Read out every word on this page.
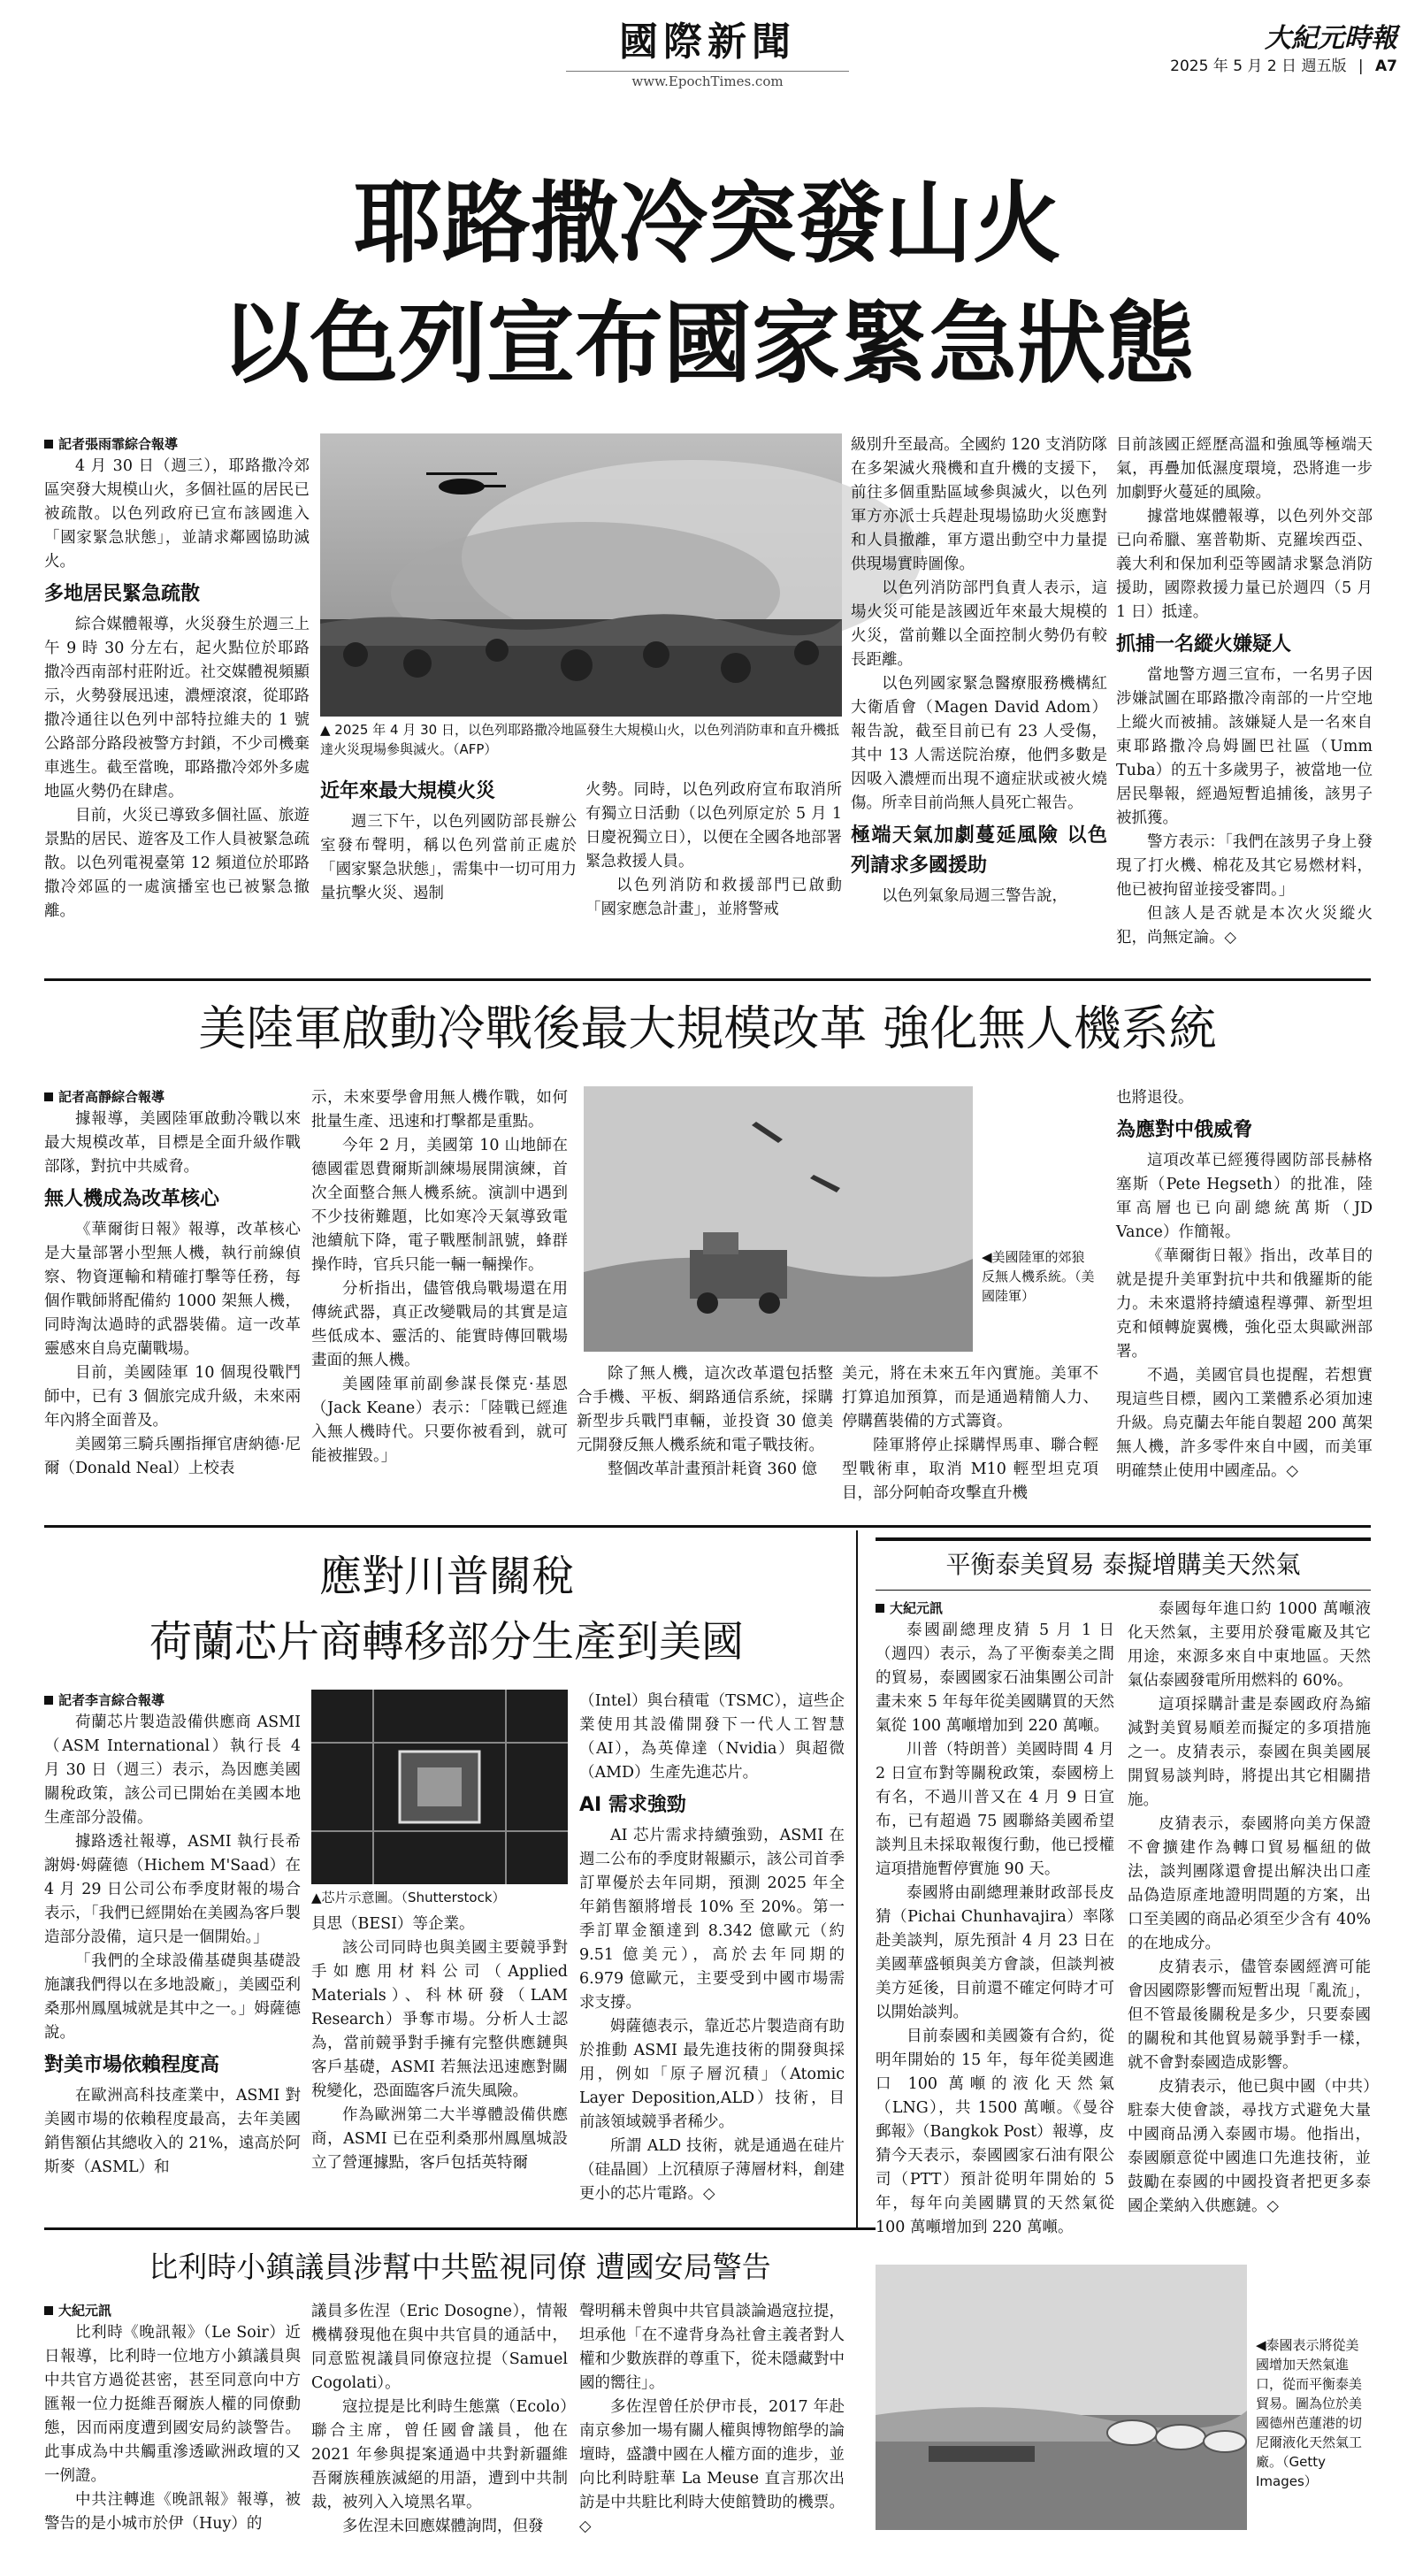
國際新聞
www.EpochTimes.com
大紀元時報
2025 年 5 月 2 日 週五版 | A7
耶路撒冷突發山火
以色列宣布國家緊急狀態
記者張雨霏綜合報導

4 月 30 日（週三），耶路撒冷郊區突發大規模山火，多個社區的居民已被疏散。以色列政府已宣布該國進入「國家緊急狀態」，並請求鄰國協助滅火。

多地居民緊急疏散

綜合媒體報導，火災發生於週三上午 9 時 30 分左右，起火點位於耶路撒冷西南部村莊附近。社交媒體視頻顯示，火勢發展迅速，濃煙滾滾，從耶路撒冷通往以色列中部特拉維夫的 1 號公路部分路段被警方封鎖，不少司機棄車逃生。截至當晚，耶路撒冷郊外多處地區火勢仍在肆虐。

目前，火災已導致多個社區、旅遊景點的居民、遊客及工作人員被緊急疏散。以色列電視臺第 12 頻道位於耶路撒冷郊區的一處演播室也已被緊急撤離。

▲ 2025 年 4 月 30 日，以色列耶路撒冷地區發生大規模山火，以色列消防車和直升機抵達火災現場參與滅火。（AFP）
近年來最大規模火災

週三下午，以色列國防部長辦公室發布聲明，稱以色列當前正處於「國家緊急狀態」，需集中一切可用力量抗擊火災、遏制

火勢。同時，以色列政府宣布取消所有獨立日活動（以色列原定於 5 月 1 日慶祝獨立日），以便在全國各地部署緊急救援人員。

以色列消防和救援部門已啟動「國家應急計畫」，並將警戒

級別升至最高。全國約 120 支消防隊在多架滅火飛機和直升機的支援下，前往多個重點區域參與滅火，以色列軍方亦派士兵趕赴現場協助火災應對和人員撤離，軍方還出動空中力量提供現場實時圖像。

以色列消防部門負責人表示，這場火災可能是該國近年來最大規模的火災，當前難以全面控制火勢仍有較長距離。

以色列國家緊急醫療服務機構紅大衛盾會（Magen David Adom）報告說，截至目前已有 23 人受傷，其中 13 人需送院治療，他們多數是因吸入濃煙而出現不適症狀或被火燒傷。所幸目前尚無人員死亡報告。

極端天氣加劇蔓延風險 以色列請求多國援助

以色列氣象局週三警告說，

目前該國正經歷高溫和強風等極端天氣，再疊加低濕度環境，恐將進一步加劇野火蔓延的風險。

據當地媒體報導，以色列外交部已向希臘、塞普勒斯、克羅埃西亞、義大利和保加利亞等國請求緊急消防援助，國際救援力量已於週四（5 月 1 日）抵達。

抓捕一名縱火嫌疑人

當地警方週三宣布，一名男子因涉嫌試圖在耶路撒冷南部的一片空地上縱火而被捕。該嫌疑人是一名來自東耶路撒冷烏姆圖巴社區（Umm Tuba）的五十多歲男子，被當地一位居民舉報，經過短暫追捕後，該男子被抓獲。

警方表示：「我們在該男子身上發現了打火機、棉花及其它易燃材料，他已被拘留並接受審問。」

但該人是否就是本次火災縱火犯，尚無定論。◇

美陸軍啟動冷戰後最大規模改革 強化無人機系統
記者高靜綜合報導

據報導，美國陸軍啟動冷戰以來最大規模改革，目標是全面升級作戰部隊，對抗中共威脅。

無人機成為改革核心

《華爾街日報》報導，改革核心是大量部署小型無人機，執行前線偵察、物資運輸和精確打擊等任務，每個作戰師將配備約 1000 架無人機，同時淘汰過時的武器裝備。這一改革靈感來自烏克蘭戰場。

目前，美國陸軍 10 個現役戰鬥師中，已有 3 個旅完成升級，未來兩年內將全面普及。

美國第三騎兵團指揮官唐納德·尼爾（Donald Neal）上校表

示，未來要學會用無人機作戰，如何批量生產、迅速和打擊都是重點。

今年 2 月，美國第 10 山地師在德國霍恩費爾斯訓練場展開演練，首次全面整合無人機系統。演訓中遇到不少技術難題，比如寒冷天氣導致電池續航下降，電子戰壓制訊號，蜂群操作時，官兵只能一輛一輛操作。

分析指出，儘管俄烏戰場還在用傳統武器，真正改變戰局的其實是這些低成本、靈活的、能實時傳回戰場畫面的無人機。

美國陸軍前副參謀長傑克·基恩（Jack Keane）表示：「陸戰已經進入無人機時代。只要你被看到，就可能被摧毀。」

◀美國陸軍的郊狼反無人機系統。（美國陸軍）

除了無人機，這次改革還包括整合手機、平板、網路通信系統，採購新型步兵戰鬥車輛，並投資 30 億美元開發反無人機系統和電子戰技術。

整個改革計畫預計耗資 360 億

美元，將在未來五年內實施。美軍不打算追加預算，而是通過精簡人力、停購舊裝備的方式籌資。

陸軍將停止採購悍馬車、聯合輕型戰術車，取消 M10 輕型坦克項目，部分阿帕奇攻擊直升機

也將退役。

為應對中俄威脅

這項改革已經獲得國防部長赫格塞斯（Pete Hegseth）的批准，陸軍高層也已向副總統萬斯（JD Vance）作簡報。

《華爾街日報》指出，改革目的就是提升美軍對抗中共和俄羅斯的能力。未來還將持續遠程導彈、新型坦克和傾轉旋翼機，強化亞太與歐洲部署。

不過，美國官員也提醒，若想實現這些目標，國內工業體系必須加速升級。烏克蘭去年能自製超 200 萬架無人機，許多零件來自中國，而美軍明確禁止使用中國產品。◇

應對川普關稅
荷蘭芯片商轉移部分生產到美國
記者李言綜合報導

荷蘭芯片製造設備供應商 ASMI（ASM International）執行長 4 月 30 日（週三）表示，為因應美國關稅政策，該公司已開始在美國本地生產部分設備。

據路透社報導，ASMI 執行長希謝姆·姆薩德（Hichem M'Saad）在 4 月 29 日公司公布季度財報的場合表示，「我們已經開始在美國為客戶製造部分設備，這只是一個開始。」

「我們的全球設備基礎與基礎設施讓我們得以在多地設廠」，美國亞利桑那州鳳凰城就是其中之一。」姆薩德說。

對美市場依賴程度高

在歐洲高科技產業中，ASMI 對美國市場的依賴程度最高，去年美國銷售額佔其總收入的 21%，遠高於阿斯麥（ASML）和

▲芯片示意圖。（Shutterstock）

貝思（BESI）等企業。

該公司同時也與美國主要競爭對手如應用材料公司（Applied Materials）、科林研發（LAM Research）爭奪市場。分析人士認為，當前競爭對手擁有完整供應鏈與客戶基礎，ASMI 若無法迅速應對關稅變化，恐面臨客戶流失風險。

作為歐洲第二大半導體設備供應商，ASMI 已在亞利桑那州鳳凰城設立了營運據點，客戶包括英特爾

（Intel）與台積電（TSMC），這些企業使用其設備開發下一代人工智慧（AI），為英偉達（Nvidia）與超微（AMD）生產先進芯片。

AI 需求強勁

AI 芯片需求持續強勁，ASMI 在週二公布的季度財報顯示，該公司首季訂單優於去年同期，預測 2025 年全年銷售額將增長 10% 至 20%。第一季訂單金額達到 8.342 億歐元（約 9.51 億美元），高於去年同期的 6.979 億歐元，主要受到中國市場需求支撐。

姆薩德表示，靠近芯片製造商有助於推動 ASMI 最先進技術的開發與採用，例如「原子層沉積」（Atomic Layer Deposition,ALD）技術，目前該領域競爭者稀少。

所謂 ALD 技術，就是通過在硅片（硅晶圓）上沉積原子薄層材料，創建更小的芯片電路。◇

平衡泰美貿易 泰擬增購美天然氣
大紀元訊

泰國副總理皮猜 5 月 1 日（週四）表示，為了平衡泰美之間的貿易，泰國國家石油集團公司計畫未來 5 年每年從美國購買的天然氣從 100 萬噸增加到 220 萬噸。

川普（特朗普）美國時間 4 月 2 日宣布對等關稅政策，泰國榜上有名，不過川普又在 4 月 9 日宣布，已有超過 75 國聯絡美國希望談判且未採取報復行動，他已授權這項措施暫停實施 90 天。

泰國將由副總理兼財政部長皮猜（Pichai Chunhavajira）率隊赴美談判，原先預計 4 月 23 日在美國華盛頓與美方會談，但談判被美方延後，目前還不確定何時才可以開始談判。

目前泰國和美國簽有合約，從明年開始的 15 年，每年從美國進口 100 萬噸的液化天然氣（LNG），共 1500 萬噸。《曼谷郵報》（Bangkok Post）報導，皮猜今天表示，泰國國家石油有限公司（PTT）預計從明年開始的 5 年，每年向美國購買的天然氣從 100 萬噸增加到 220 萬噸。

泰國每年進口約 1000 萬噸液化天然氣，主要用於發電廠及其它用途，來源多來自中東地區。天然氣佔泰國發電所用燃料的 60%。

這項採購計畫是泰國政府為縮減對美貿易順差而擬定的多項措施之一。皮猜表示，泰國在與美國展開貿易談判時，將提出其它相關措施。

皮猜表示，泰國將向美方保證不會擴建作為轉口貿易樞紐的做法，談判團隊還會提出解決出口產品偽造原產地證明問題的方案，出口至美國的商品必須至少含有 40% 的在地成分。

皮猜表示，儘管泰國經濟可能會因國際影響而短暫出現「亂流」，但不管最後關稅是多少，只要泰國的關稅和其他貿易競爭對手一樣，就不會對泰國造成影響。

皮猜表示，他已與中國（中共）駐泰大使會談，尋找方式避免大量中國商品湧入泰國市場。他指出，泰國願意從中國進口先進技術，並鼓勵在泰國的中國投資者把更多泰國企業納入供應鏈。◇

比利時小鎮議員涉幫中共監視同僚 遭國安局警告
大紀元訊

比利時《晚訊報》（Le Soir）近日報導，比利時一位地方小鎮議員與中共官方過從甚密，甚至同意向中方匯報一位力挺維吾爾族人權的同僚動態，因而兩度遭到國安局約談警告。此事成為中共觸重滲透歐洲政壇的又一例證。

中共注轉進《晚訊報》報導，被警告的是小城市於伊（Huy）的

議員多佐涅（Eric Dosogne），情報機構發現他在與中共官員的通話中，同意監視議員同僚寇拉提（Samuel Cogolati）。

寇拉提是比利時生態黨（Ecolo）聯合主席，曾任國會議員，他在 2021 年參與提案通過中共對新疆維吾爾族種族滅絕的用語，遭到中共制裁，被列入入境黑名單。

多佐涅未回應媒體詢問，但發

聲明稱未曾與中共官員談論過寇拉提，坦承他「在不違背身為社會主義者對人權和少數族群的尊重下，從未隱藏對中國的嚮往」。

多佐涅曾任於伊市長，2017 年赴南京參加一場有關人權與博物館學的論壇時，盛讚中國在人權方面的進步，並向比利時駐華 La Meuse 直言那次出訪是中共駐比利時大使館贊助的機票。◇

◀泰國表示將從美國增加天然氣進口，從而平衡泰美貿易。圖為位於美國德州芭蓮港的切尼爾液化天然氣工廠。（Getty Images）
